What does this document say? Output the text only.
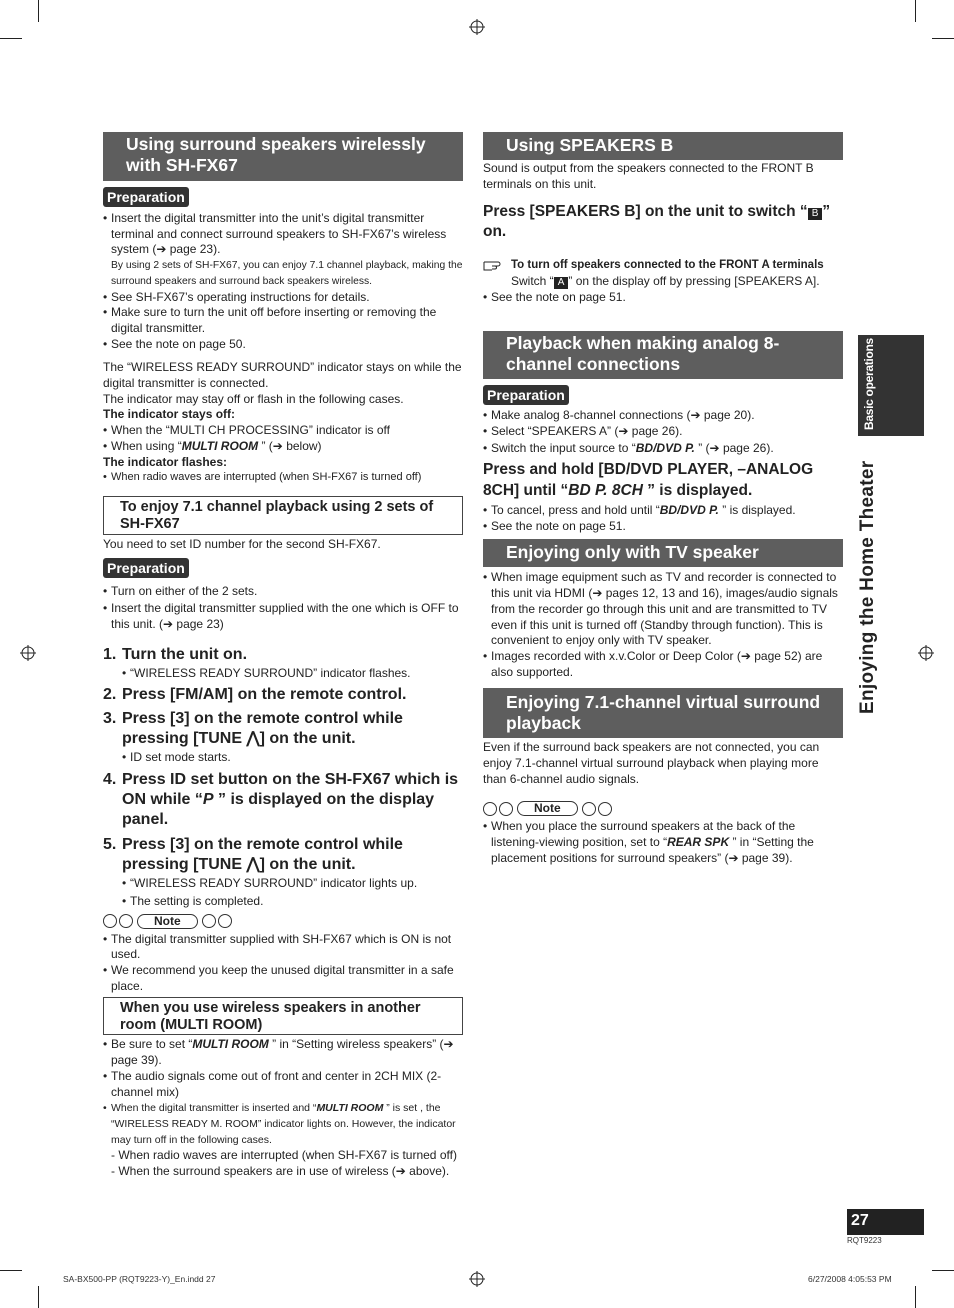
Using surround speakers wirelessly with SH-FX67
Preparation
• Insert the digital transmitter into the unit’s digital transmitter terminal and connect surround speakers to SH-FX67’s wireless system (➔ page 23).
By using 2 sets of SH-FX67, you can enjoy 7.1 channel playback, making the surround speakers and surround back speakers wireless.
• See SH-FX67’s operating instructions for details.
• Make sure to turn the unit off before inserting or removing the digital transmitter.
• See the note on page 50.
The “WIRELESS READY SURROUND” indicator stays on while the digital transmitter is connected.
The indicator may stay off or flash in the following cases.
The indicator stays off:
• When the “MULTI CH PROCESSING” indicator is off
• When using “MULTI ROOM ” (➔ below)
The indicator flashes:
• When radio waves are interrupted (when SH-FX67 is turned off)
To enjoy 7.1 channel playback using 2 sets of SH-FX67
You need to set ID number for the second SH-FX67.
Preparation
• Turn on either of the 2 sets.
• Insert the digital transmitter supplied with the one which is OFF to this unit. (➔ page 23)
1. Turn the unit on.
• “WIRELESS READY SURROUND” indicator flashes.
2. Press [FM/AM] on the remote control.
3. Press [3] on the remote control while pressing [TUNE ⋀] on the unit.
• ID set mode starts.
4. Press ID set button on the SH-FX67 which is ON while “P ” is displayed on the display panel.
5. Press [3] on the remote control while pressing [TUNE ⋀] on the unit.
• “WIRELESS READY SURROUND” indicator lights up.
• The setting is completed.
Note
• The digital transmitter supplied with SH-FX67 which is ON is not used.
• We recommend you keep the unused digital transmitter in a safe place.
When you use wireless speakers in another room (MULTI ROOM)
• Be sure to set “MULTI ROOM ” in “Setting wireless speakers” (➔ page 39).
• The audio signals come out of front and center in 2CH MIX (2-channel mix)
• When the digital transmitter is inserted and “MULTI ROOM ” is set , the “WIRELESS READY M. ROOM” indicator lights on. However, the indicator may turn off in the following cases.
- When radio waves are interrupted (when SH-FX67 is turned off)
- When the surround speakers are in use of wireless (➔ above).
Using SPEAKERS B
Sound is output from the speakers connected to the FRONT B terminals on this unit.
Press [SPEAKERS B] on the unit to switch “ B ” on.
To turn off speakers connected to the FRONT A terminals
Switch “ A ” on the display off by pressing [SPEAKERS A].
• See the note on page 51.
Playback when making analog 8-channel connections
Preparation
• Make analog 8-channel connections (➔ page 20).
• Select “SPEAKERS A” (➔ page 26).
• Switch the input source to “BD/DVD P. ” (➔ page 26).
Press and hold [BD/DVD PLAYER, –ANALOG 8CH] until “BD P. 8CH ” is displayed.
• To cancel, press and hold until “BD/DVD P. ” is displayed.
• See the note on page 51.
Enjoying only with TV speaker
• When image equipment such as TV and recorder is connected to this unit via HDMI (➔ pages 12, 13 and 16), images/audio signals from the recorder go through this unit and are transmitted to TV even if this unit is turned off (Standby through function). This is convenient to enjoy only with TV speaker.
• Images recorded with x.v.Color or Deep Color (➔ page 52) are also supported.
Enjoying 7.1-channel virtual surround playback
Even if the surround back speakers are not connected, you can enjoy 7.1-channel virtual surround playback when playing more than 6-channel audio signals.
Note
• When you place the surround speakers at the back of the listening-viewing position, set to “REAR SPK ” in “Setting the placement positions for surround speakers” (➔ page 39).
Basic operations
Enjoying the Home Theater
27
RQT9223
SA-BX500-PP (RQT9223-Y)_En.indd 27	6/27/2008 4:05:53 PM
